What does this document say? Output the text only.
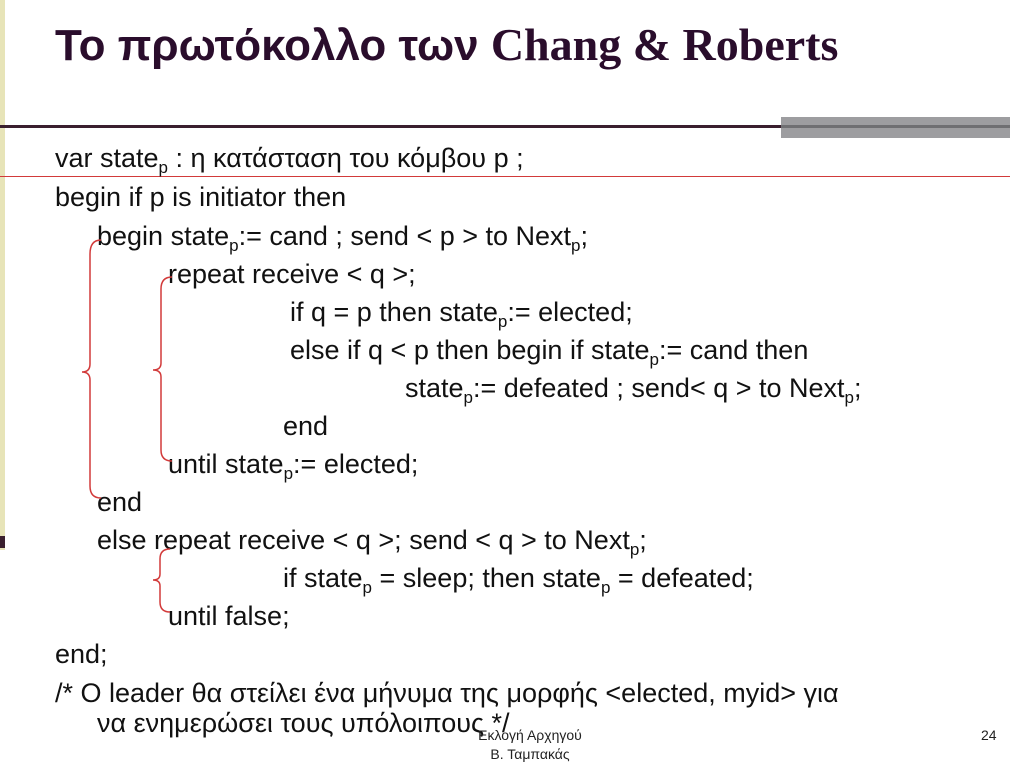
Το πρωτόκολλο των Chang & Roberts
var state$_p$ : η κατάσταση του κόμβου p ;
begin if p is initiator then
begin state$_p$:= cand ; send < p > to Next$_p$;
repeat receive < q >;
if q = p then state$_p$:= elected;
else if q < p then begin if state$_p$:= cand then
state$_p$:= defeated ; send< q > to Next$_p$;
end
until state$_p$:= elected;
end
else repeat receive < q >; send < q > to Next$_p$;
if state$_p$ = sleep; then state$_p$ = defeated;
until false;
end;
/* O leader θα στείλει ένα μήνυμα της μορφής <elected, myid> για
να ενημερώσει τους υπόλοιπους */
Εκλογή Αρχηγού
Β. Ταμπακάς
24
